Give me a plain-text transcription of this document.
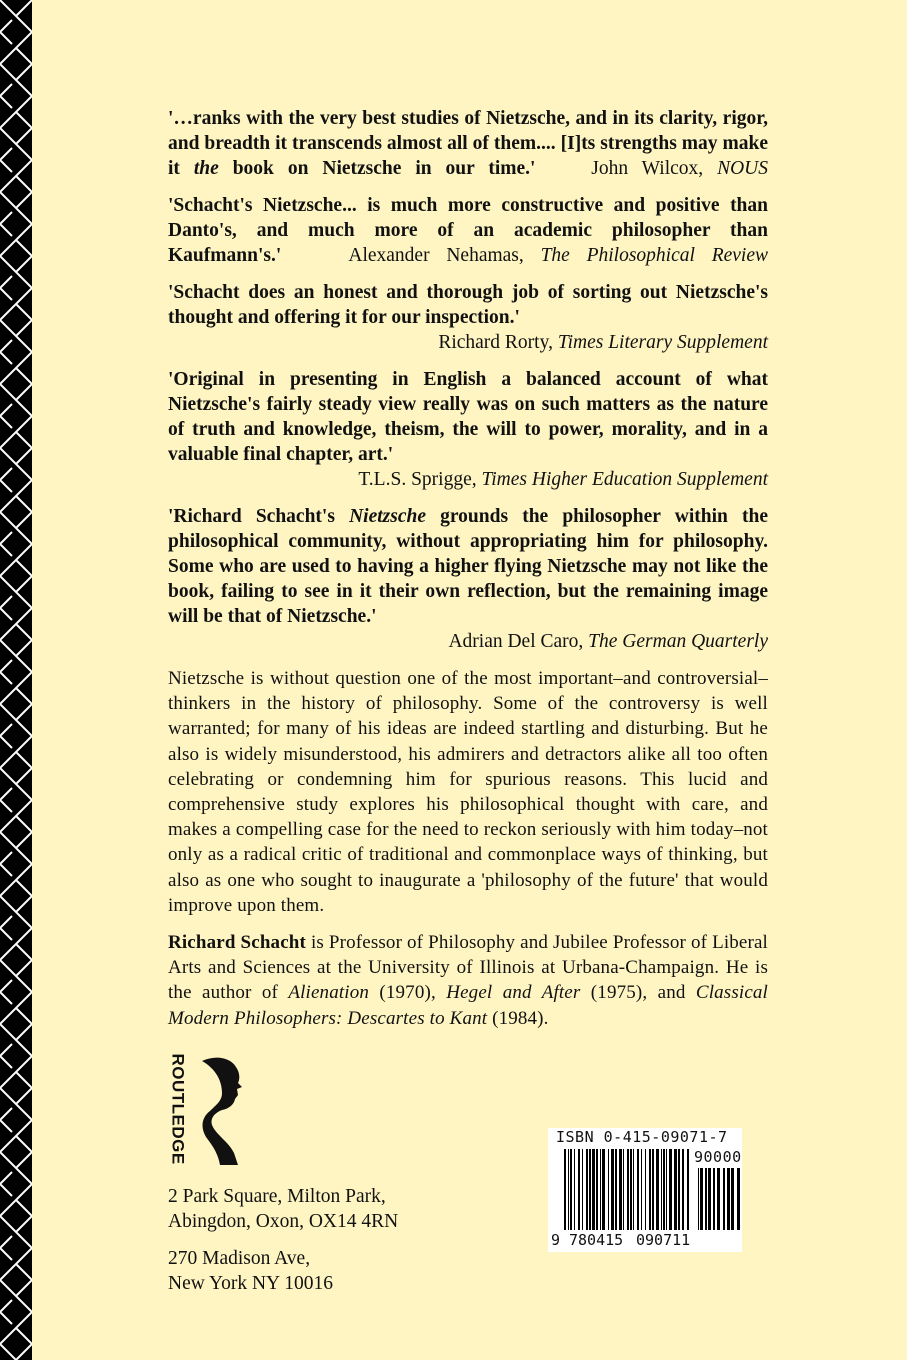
'…ranks with the very best studies of Nietzsche, and in its clarity, rigor, and breadth it transcends almost all of them.... [I]ts strengths may make it the book on Nietzsche in our time.'	John Wilcox, NOUS
'Schacht's Nietzsche... is much more constructive and positive than Danto's, and much more of an academic philosopher than Kaufmann's.'	Alexander Nehamas, The Philosophical Review
'Schacht does an honest and thorough job of sorting out Nietzsche's thought and offering it for our inspection.'
Richard Rorty, Times Literary Supplement
'Original in presenting in English a balanced account of what Nietzsche's fairly steady view really was on such matters as the nature of truth and knowledge, theism, the will to power, morality, and in a valuable final chapter, art.'
T.L.S. Sprigge, Times Higher Education Supplement
'Richard Schacht's Nietzsche grounds the philosopher within the philosophical community, without appropriating him for philosophy. Some who are used to having a higher flying Nietzsche may not like the book, failing to see in it their own reflection, but the remaining image will be that of Nietzsche.'
Adrian Del Caro, The German Quarterly
Nietzsche is without question one of the most important–and controversial– thinkers in the history of philosophy. Some of the controversy is well warranted; for many of his ideas are indeed startling and disturbing. But he also is widely misunderstood, his admirers and detractors alike all too often celebrating or condemning him for spurious reasons. This lucid and comprehensive study explores his philosophical thought with care, and makes a compelling case for the need to reckon seriously with him today–not only as a radical critic of traditional and commonplace ways of thinking, but also as one who sought to inaugurate a 'philosophy of the future' that would improve upon them.
Richard Schacht is Professor of Philosophy and Jubilee Professor of Liberal Arts and Sciences at the University of Illinois at Urbana-Champaign. He is the author of Alienation (1970), Hegel and After (1975), and Classical Modern Philosophers: Descartes to Kant (1984).
ROUTLEDGE
2 Park Square, Milton Park,
Abingdon, Oxon, OX14 4RN
270 Madison Ave,
New York NY 10016
ISBN 0-415-09071-7
90000
9 780415 090711
